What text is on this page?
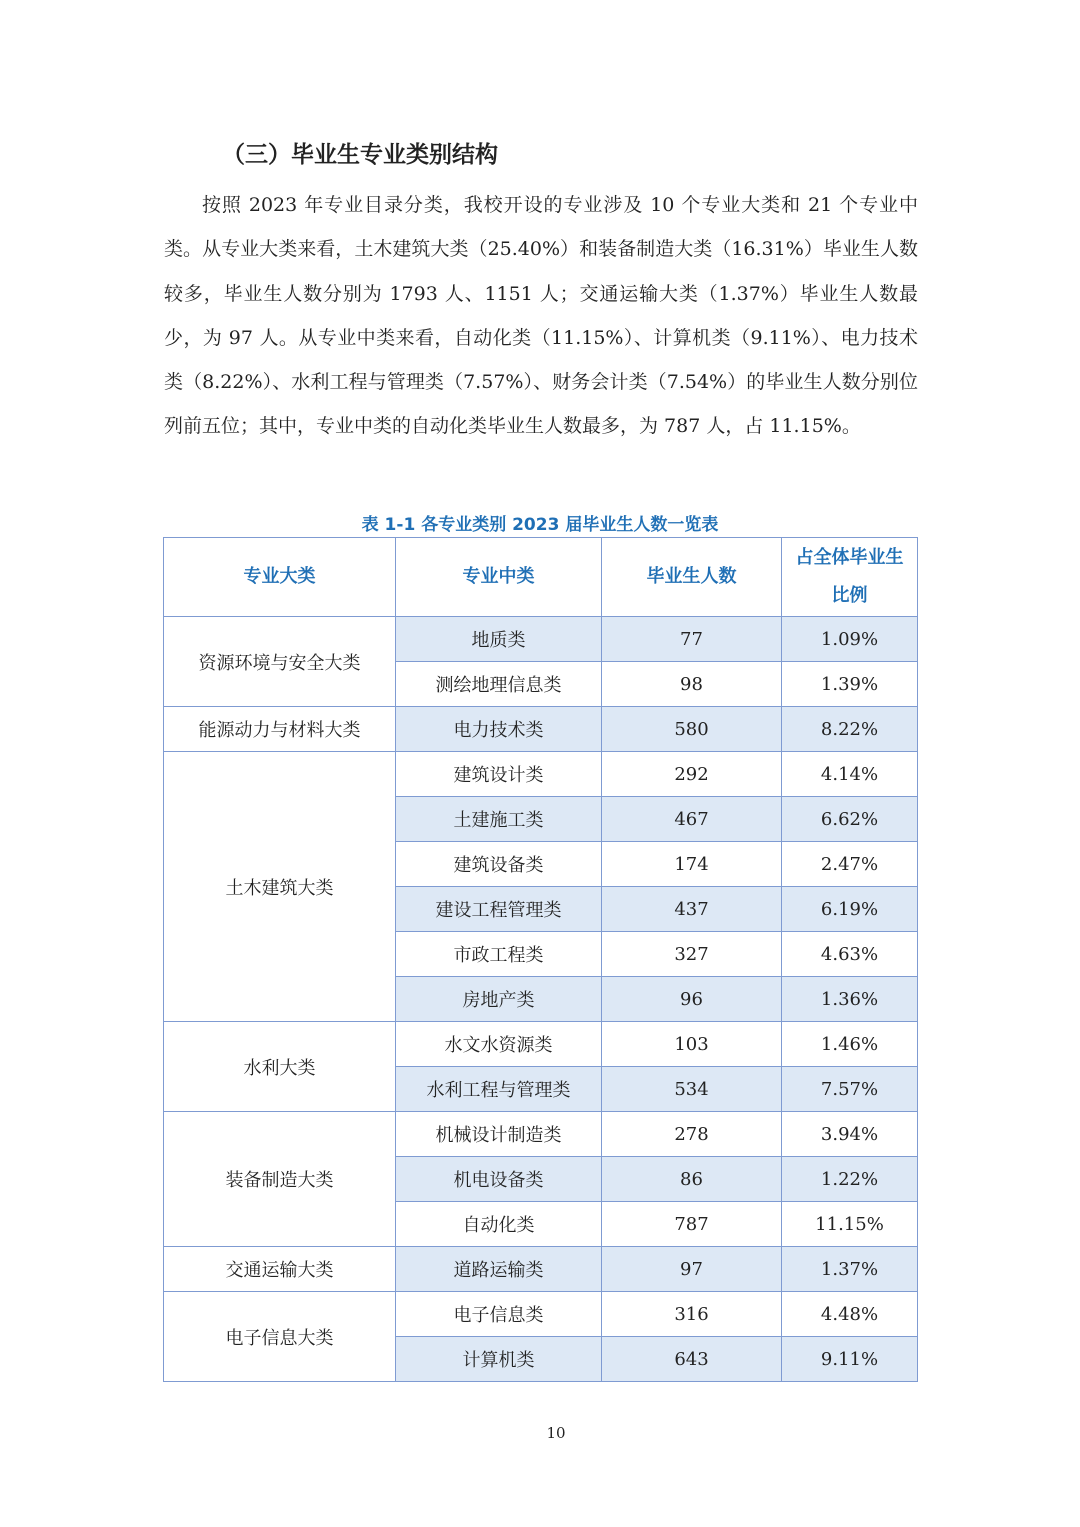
（三）毕业生专业类别结构
按照 2023 年专业目录分类，我校开设的专业涉及 10 个专业大类和 21 个专业中类。从专业大类来看，土木建筑大类（25.40%）和装备制造大类（16.31%）毕业生人数较多，毕业生人数分别为 1793 人、1151 人；交通运输大类（1.37%）毕业生人数最少，为 97 人。从专业中类来看，自动化类（11.15%）、计算机类（9.11%）、电力技术类（8.22%）、水利工程与管理类（7.57%）、财务会计类（7.54%）的毕业生人数分别位列前五位；其中，专业中类的自动化类毕业生人数最多，为 787 人，占 11.15%。
表 1-1 各专业类别 2023 届毕业生人数一览表
专业大类	专业中类	毕业生人数	占全体毕业生比例
资源环境与安全大类	地质类	77	1.09%
	测绘地理信息类	98	1.39%
能源动力与材料大类	电力技术类	580	8.22%
土木建筑大类	建筑设计类	292	4.14%
	土建施工类	467	6.62%
	建筑设备类	174	2.47%
	建设工程管理类	437	6.19%
	市政工程类	327	4.63%
	房地产类	96	1.36%
水利大类	水文水资源类	103	1.46%
	水利工程与管理类	534	7.57%
装备制造大类	机械设计制造类	278	3.94%
	机电设备类	86	1.22%
	自动化类	787	11.15%
交通运输大类	道路运输类	97	1.37%
电子信息大类	电子信息类	316	4.48%
	计算机类	643	9.11%
10
